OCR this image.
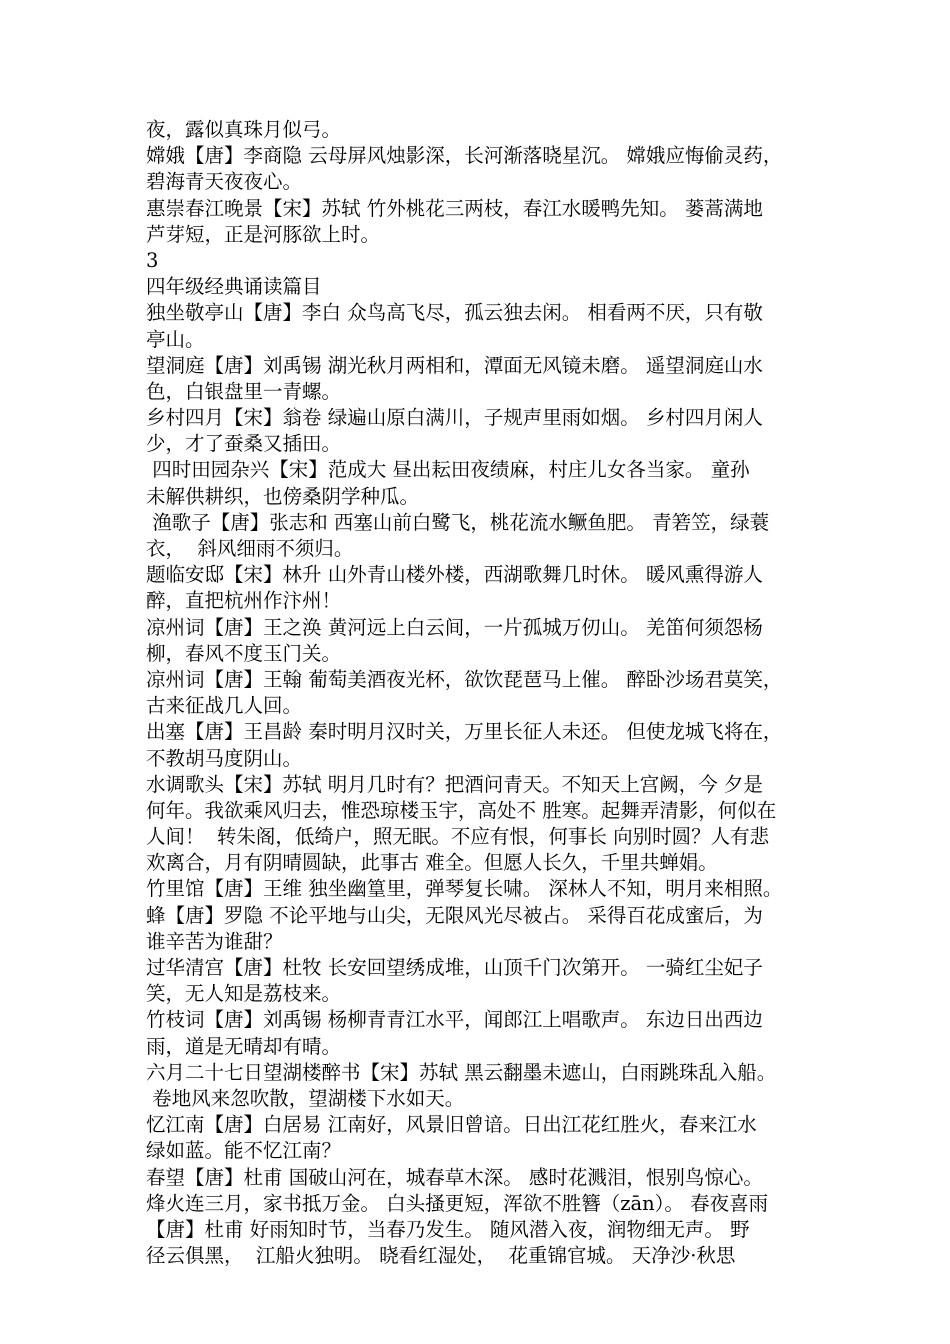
夜，露似真珠月似弓。
嫦娥【唐】李商隐 云母屏风烛影深，长河渐落晓星沉。 嫦娥应悔偷灵药，
碧海青天夜夜心。
惠崇春江晚景【宋】苏轼 竹外桃花三两枝，春江水暖鸭先知。 蒌蒿满地
芦芽短，正是河豚欲上时。
3
四年级经典诵读篇目
独坐敬亭山【唐】李白 众鸟高飞尽，孤云独去闲。 相看两不厌，只有敬
亭山。
望洞庭【唐】刘禹锡 湖光秋月两相和，潭面无风镜未磨。 遥望洞庭山水
色，白银盘里一青螺。
乡村四月【宋】翁卷 绿遍山原白满川，子规声里雨如烟。 乡村四月闲人
少，才了蚕桑又插田。
四时田园杂兴【宋】范成大 昼出耘田夜绩麻，村庄儿女各当家。 童孙
未解供耕织，也傍桑阴学种瓜。
渔歌子【唐】张志和 西塞山前白鹭飞，桃花流水鳜鱼肥。 青箬笠，绿蓑
衣，  斜风细雨不须归。
题临安邸【宋】林升 山外青山楼外楼，西湖歌舞几时休。 暖风熏得游人
醉，直把杭州作汴州！
凉州词【唐】王之涣 黄河远上白云间，一片孤城万仞山。 羌笛何须怨杨
柳，春风不度玉门关。
凉州词【唐】王翰 葡萄美酒夜光杯，欲饮琵琶马上催。 醉卧沙场君莫笑，
古来征战几人回。
出塞【唐】王昌龄 秦时明月汉时关，万里长征人未还。 但使龙城飞将在，
不教胡马度阴山。
水调歌头【宋】苏轼 明月几时有？把酒问青天。不知天上宫阙，今 夕是
何年。我欲乘风归去，惟恐琼楼玉宇，高处不 胜寒。起舞弄清影，何似在
人间！  转朱阁，低绮户，照无眠。不应有恨，何事长 向别时圆？人有悲
欢离合，月有阴晴圆缺，此事古 难全。但愿人长久，千里共蝉娟。
竹里馆【唐】王维 独坐幽篁里，弹琴复长啸。 深林人不知，明月来相照。
蜂【唐】罗隐 不论平地与山尖，无限风光尽被占。 采得百花成蜜后，为
谁辛苦为谁甜？
过华清宫【唐】杜牧 长安回望绣成堆，山顶千门次第开。 一骑红尘妃子
笑，无人知是荔枝来。
竹枝词【唐】刘禹锡 杨柳青青江水平，闻郎江上唱歌声。 东边日出西边
雨，道是无晴却有晴。
六月二十七日望湖楼醉书【宋】苏轼 黑云翻墨未遮山，白雨跳珠乱入船。
卷地风来忽吹散，望湖楼下水如天。
忆江南【唐】白居易 江南好，风景旧曾谙。日出江花红胜火，春来江水
绿如蓝。能不忆江南？
春望【唐】杜甫 国破山河在，城春草木深。 感时花溅泪，恨别鸟惊心。
烽火连三月，家书抵万金。 白头搔更短，浑欲不胜簪（zān）。 春夜喜雨
【唐】杜甫 好雨知时节，当春乃发生。 随风潜入夜，润物细无声。 野
径云俱黑，  江船火独明。 晓看红湿处，  花重锦官城。 天净沙·秋思
